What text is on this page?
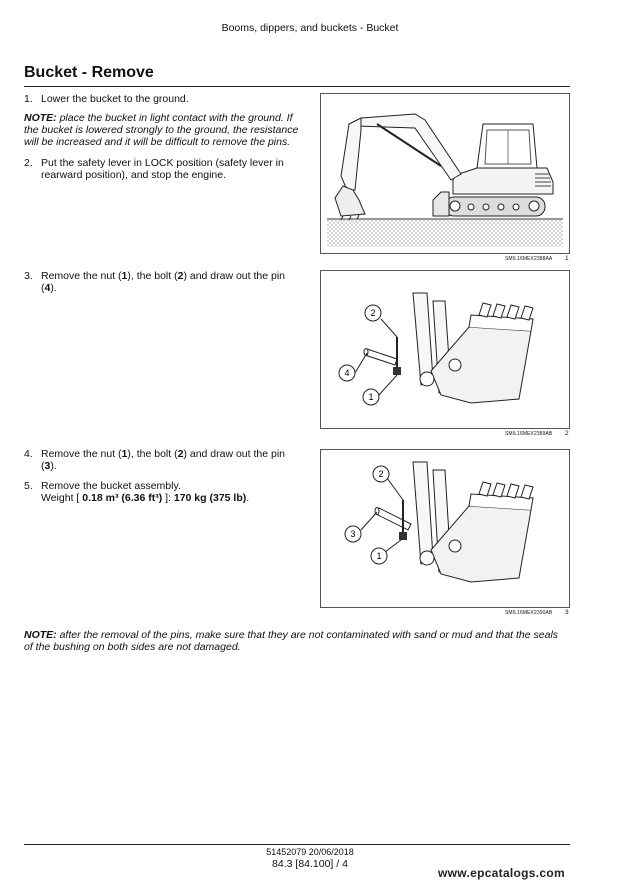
Booms, dippers, and buckets - Bucket
Bucket - Remove
1. Lower the bucket to the ground.
NOTE: place the bucket in light contact with the ground. If
the bucket is lowered strongly to the ground, the resistance
will be increased and it will be difficult to remove the pins.
2. Put the safety lever in LOCK position (safety lever in
rearward position), and stop the engine.
SMIL16MEX2388AA 1
3. Remove the nut (1), the bolt (2) and draw out the pin
(4).
2
4
1
SMIL16MEX2389AB 2
4. Remove the nut (1), the bolt (2) and draw out the pin
(3).
5. Remove the bucket assembly.
Weight [ 0.18 m³ (6.36 ft³) ]: 170 kg (375 lb).
2
3
1
SMIL16MEX2390AB 3
NOTE: after the removal of the pins, make sure that they are not contaminated with sand or mud and that the seals
of the bushing on both sides are not damaged.
51452079 20/06/2018
84.3 [84.100] / 4
www.epcatalogs.com
